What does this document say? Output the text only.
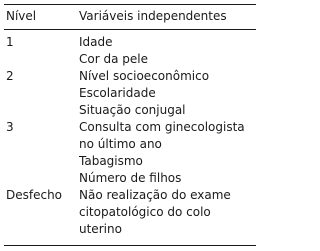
Nível	Variáveis independentes
1	Idade
Cor da pele
2	Nível socioeconômico
Escolaridade
Situação conjugal
3	Consulta com ginecologista
no último ano
Tabagismo
Número de filhos
Desfecho Não realização do exame
citopatológico do colo
uterino
